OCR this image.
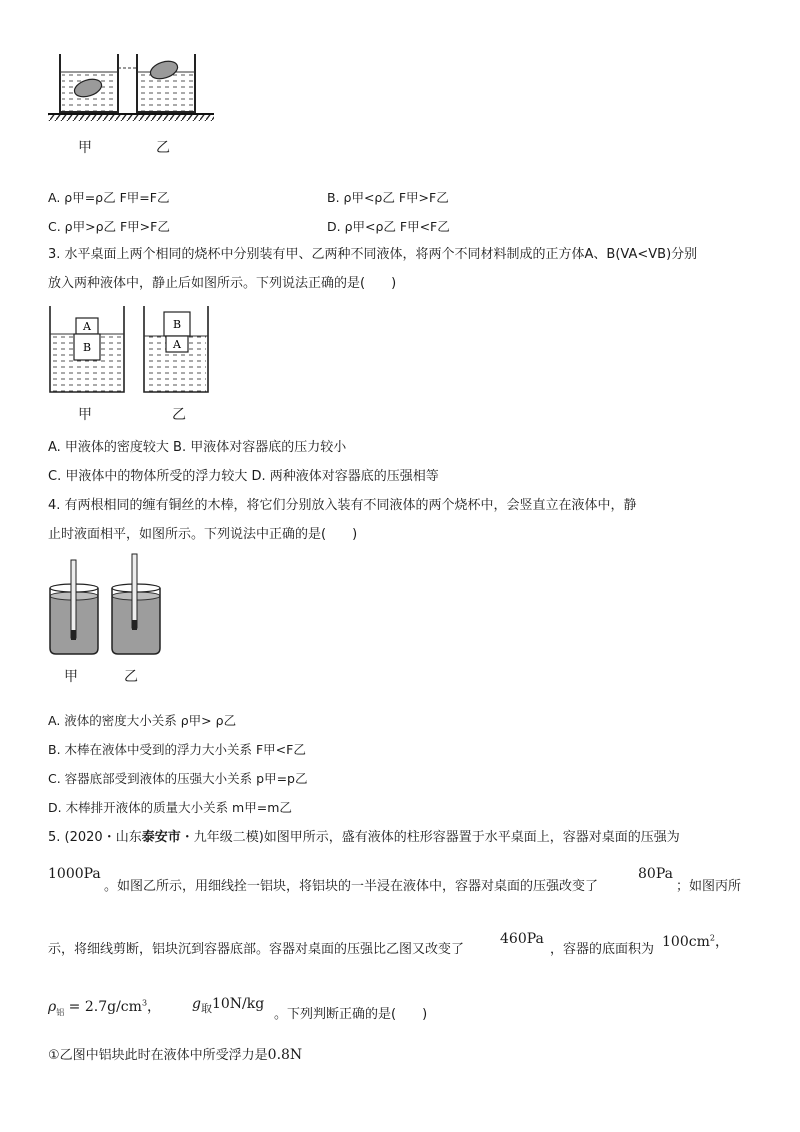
甲	乙
A. ρ甲=ρ乙 F甲=F乙	B. ρ甲<ρ乙 F甲>F乙
C. ρ甲>ρ乙 F甲>F乙	D. ρ甲<ρ乙 F甲<F乙
3. 水平桌面上两个相同的烧杯中分别装有甲、乙两种不同液体，将两个不同材料制成的正方体A、B(VA<VB)分别
放入两种液体中，静止后如图所示。下列说法正确的是(　　)
A
B
B
A
甲	乙
A. 甲液体的密度较大 B. 甲液体对容器底的压力较小
C. 甲液体中的物体所受的浮力较大 D. 两种液体对容器底的压强相等
4. 有两根相同的缠有铜丝的木棒，将它们分别放入装有不同液体的两个烧杯中，会竖直立在液体中，静
止时液面相平，如图所示。下列说法中正确的是(　　)
甲	乙
A. 液体的密度大小关系 ρ甲> ρ乙
B. 木棒在液体中受到的浮力大小关系 F甲<F乙
C. 容器底部受到液体的压强大小关系 p甲=p乙
D. 木棒排开液体的质量大小关系 m甲=m乙
5. (2020・山东泰安市・九年级二模)如图甲所示，盛有液体的柱形容器置于水平桌面上，容器对桌面的压强为
1000Pa
。如图乙所示，用细线拴一铝块，将铝块的一半浸在液体中，容器对桌面的压强改变了
80Pa
；如图丙所
示，将细线剪断，铝块沉到容器底部。容器对桌面的压强比乙图又改变了
460Pa
，容器的底面积为 $100cm^2$，
$\rho_铝 = 2.7g/cm^3$， $g_取10N/kg$
。下列判断正确的是(　　)
①乙图中铝块此时在液体中所受浮力是0.8N
